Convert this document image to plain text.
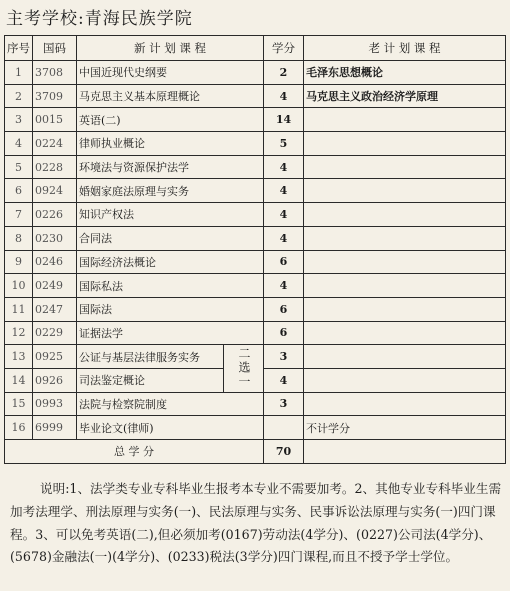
主考学校:青海民族学院
序号	国码	新 计 划 课 程		学分	老 计 划 课 程
1	3708	中国近现代史纲要		2	毛泽东思想概论
2	3709	马克思主义基本原理概论		4	马克思主义政治经济学原理
3	0015	英语(二)		14	
4	0224	律师执业概论		5	
5	0228	环境法与资源保护法学		4	
6	0924	婚姻家庭法原理与实务		4	
7	0226	知识产权法		4	
8	0230	合同法		4	
9	0246	国际经济法概论		6	
10	0249	国际私法		4	
11	0247	国际法		6	
12	0229	证据法学		6	
13	0925	公证与基层法律服务实务	二选一	3	
14	0926	司法鉴定概论		4	
15	0993	法院与检察院制度		3	
16	6999	毕业论文(律师)			不计学分
总 学 分				70	
说明:1、法学类专业专科毕业生报考本专业不需要加考。2、其他专业专科毕业生需加考法理学、刑法原理与实务(一)、民法原理与实务、民事诉讼法原理与实务(一)四门课程。3、可以免考英语(二),但必须加考(0167)劳动法(4学分)、(0227)公司法(4学分)、(5678)金融法(一)(4学分)、(0233)税法(3学分)四门课程,而且不授予学士学位。
